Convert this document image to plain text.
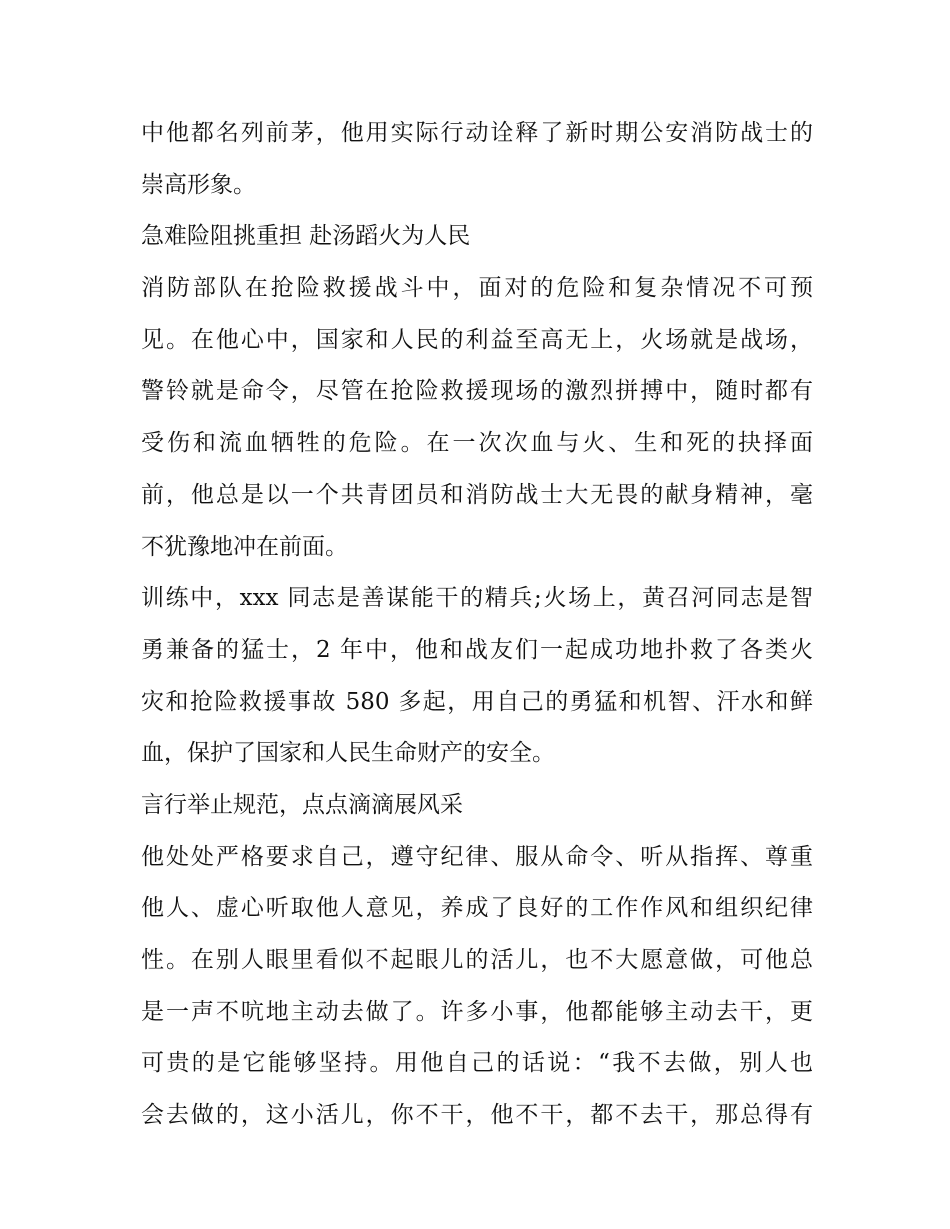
中他都名列前茅，他用实际行动诠释了新时期公安消防战士的
崇高形象。
急难险阻挑重担 赴汤蹈火为人民
消防部队在抢险救援战斗中，面对的危险和复杂情况不可预
见。在他心中，国家和人民的利益至高无上，火场就是战场，
警铃就是命令，尽管在抢险救援现场的激烈拼搏中，随时都有
受伤和流血牺牲的危险。在一次次血与火、生和死的抉择面
前，他总是以一个共青团员和消防战士大无畏的献身精神，毫
不犹豫地冲在前面。
训练中，xxx 同志是善谋能干的精兵;火场上，黄召河同志是智
勇兼备的猛士，2 年中，他和战友们一起成功地扑救了各类火
灾和抢险救援事故 580 多起，用自己的勇猛和机智、汗水和鲜
血，保护了国家和人民生命财产的安全。
言行举止规范，点点滴滴展风采
他处处严格要求自己，遵守纪律、服从命令、听从指挥、尊重
他人、虚心听取他人意见，养成了良好的工作作风和组织纪律
性。在别人眼里看似不起眼儿的活儿，也不大愿意做，可他总
是一声不吭地主动去做了。许多小事，他都能够主动去干，更
可贵的是它能够坚持。用他自己的话说：“我不去做，别人也
会去做的，这小活儿，你不干，他不干，都不去干，那总得有
